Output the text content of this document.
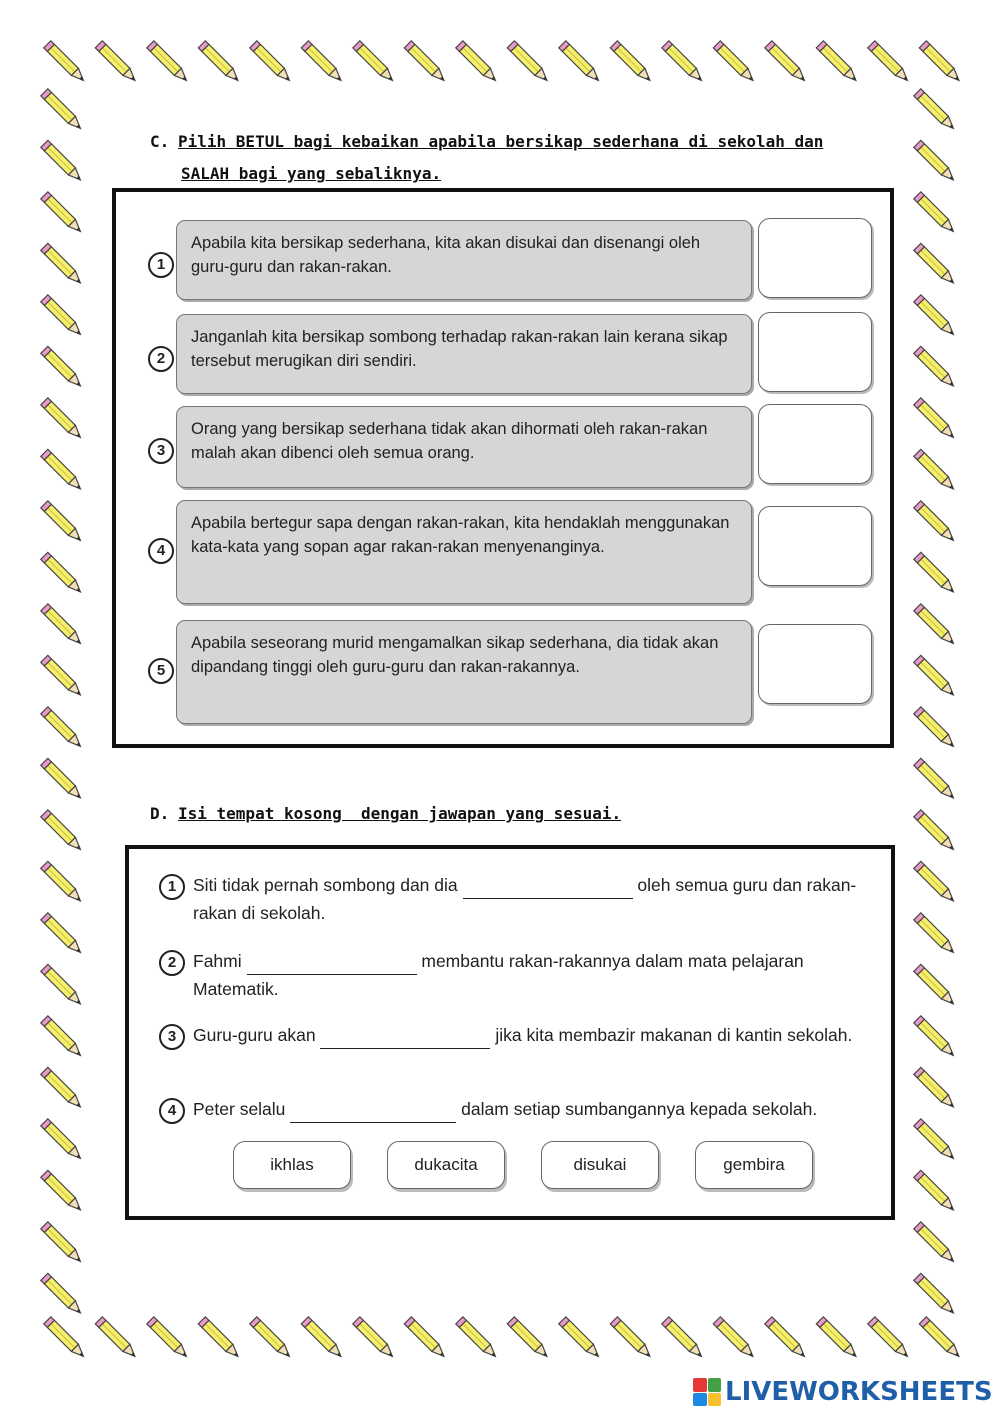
C. Pilih BETUL bagi kebaikan apabila bersikap sederhana di sekolah dan
SALAH bagi yang sebaliknya.
1
Apabila kita bersikap sederhana, kita akan disukai dan disenangi oleh guru-guru dan rakan-rakan.
2
Janganlah kita bersikap sombong terhadap rakan-rakan lain kerana sikap tersebut merugikan diri sendiri.
3
Orang yang bersikap sederhana tidak akan dihormati oleh rakan-rakan malah akan dibenci oleh semua orang.
4
Apabila bertegur sapa dengan rakan-rakan, kita hendaklah menggunakan kata-kata yang sopan agar rakan-rakan menyenanginya.
5
Apabila seseorang murid mengamalkan sikap sederhana, dia tidak akan dipandang tinggi oleh guru-guru dan rakan-rakannya.
D. Isi tempat kosong  dengan jawapan yang sesuai.
1 Siti tidak pernah sombong dan dia	oleh semua guru dan rakan-rakan di sekolah.
2 Fahmi	membantu rakan-rakannya dalam mata pelajaran Matematik.
3 Guru-guru akan	jika kita membazir makanan di kantin sekolah.
4 Peter selalu	dalam setiap sumbangannya kepada sekolah.
ikhlas	dukacita	disukai	gembira
LIVEWORKSHEETS
